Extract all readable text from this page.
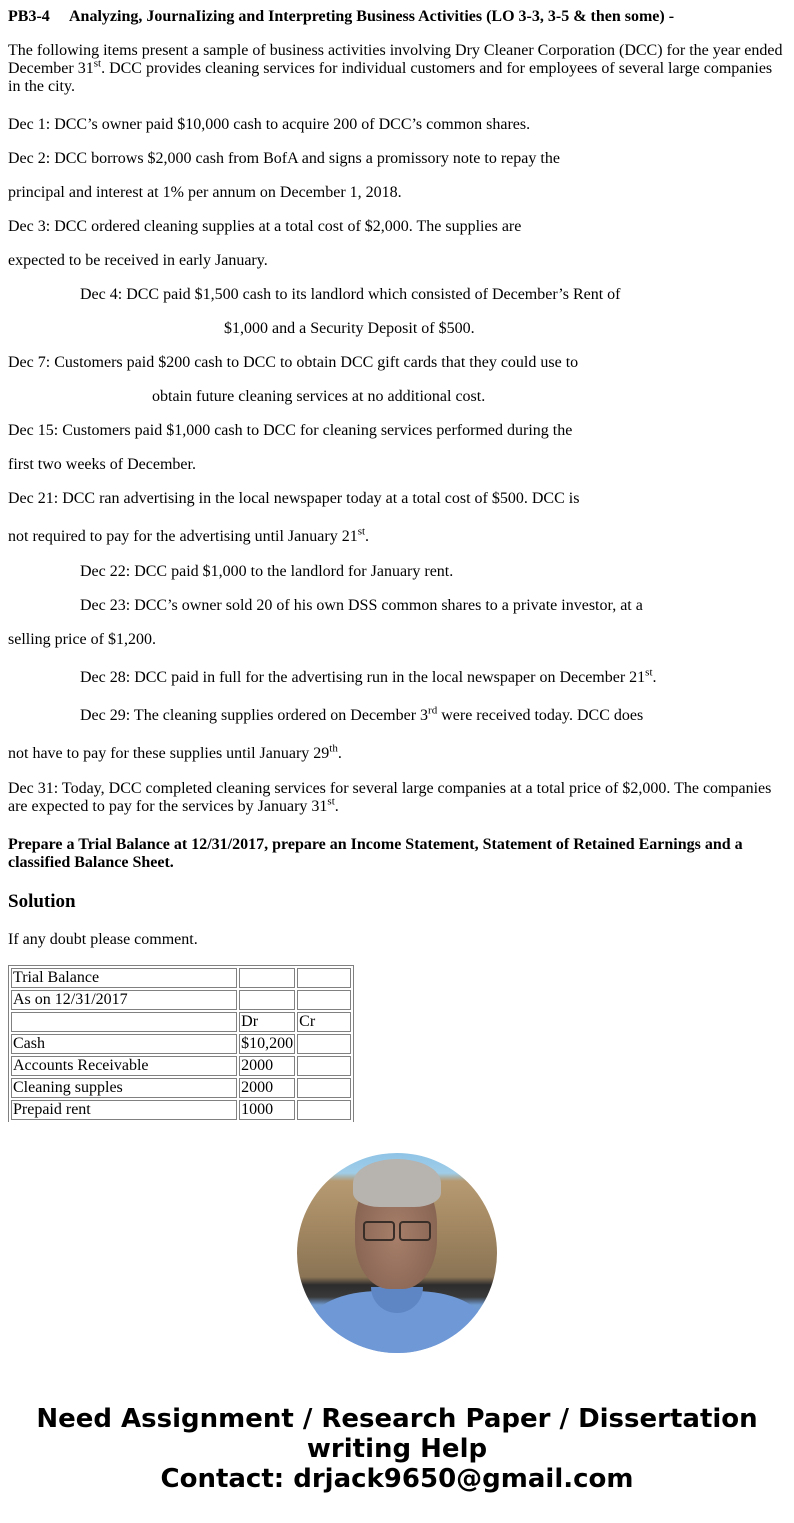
PB3-4 Analyzing, JournaIizing and Interpreting Business Activities (LO 3-3, 3-5 & then some) -
The following items present a sample of business activities involving Dry Cleaner Corporation (DCC) for the year ended December 31st. DCC provides cleaning services for individual customers and for employees of several large companies in the city.
Dec 1: DCC’s owner paid $10,000 cash to acquire 200 of DCC’s common shares.
Dec 2: DCC borrows $2,000 cash from BofA and signs a promissory note to repay the
principal and interest at 1% per annum on December 1, 2018.
Dec 3: DCC ordered cleaning supplies at a total cost of $2,000. The supplies are
expected to be received in early January.
Dec 4: DCC paid $1,500 cash to its landlord which consisted of December’s Rent of
$1,000 and a Security Deposit of $500.
Dec 7: Customers paid $200 cash to DCC to obtain DCC gift cards that they could use to
obtain future cleaning services at no additional cost.
Dec 15: Customers paid $1,000 cash to DCC for cleaning services performed during the
first two weeks of December.
Dec 21: DCC ran advertising in the local newspaper today at a total cost of $500. DCC is
not required to pay for the advertising until January 21st.
Dec 22: DCC paid $1,000 to the landlord for January rent.
Dec 23: DCC’s owner sold 20 of his own DSS common shares to a private investor, at a
selling price of $1,200.
Dec 28: DCC paid in full for the advertising run in the local newspaper on December 21st.
Dec 29: The cleaning supplies ordered on December 3rd were received today. DCC does
not have to pay for these supplies until January 29th.
Dec 31: Today, DCC completed cleaning services for several large companies at a total price of $2,000. The companies are expected to pay for the services by January 31st.
Prepare a Trial Balance at 12/31/2017, prepare an Income Statement, Statement of Retained Earnings and a classified Balance Sheet.
Solution
If any doubt please comment.
Trial Balance		
As on 12/31/2017		
	Dr	Cr
Cash	$10,200	
Accounts Receivable	2000	
Cleaning supples	2000	
Prepaid rent	1000	

Need Assignment / Research Paper / Dissertation
writing Help
Contact: drjack9650@gmail.com
